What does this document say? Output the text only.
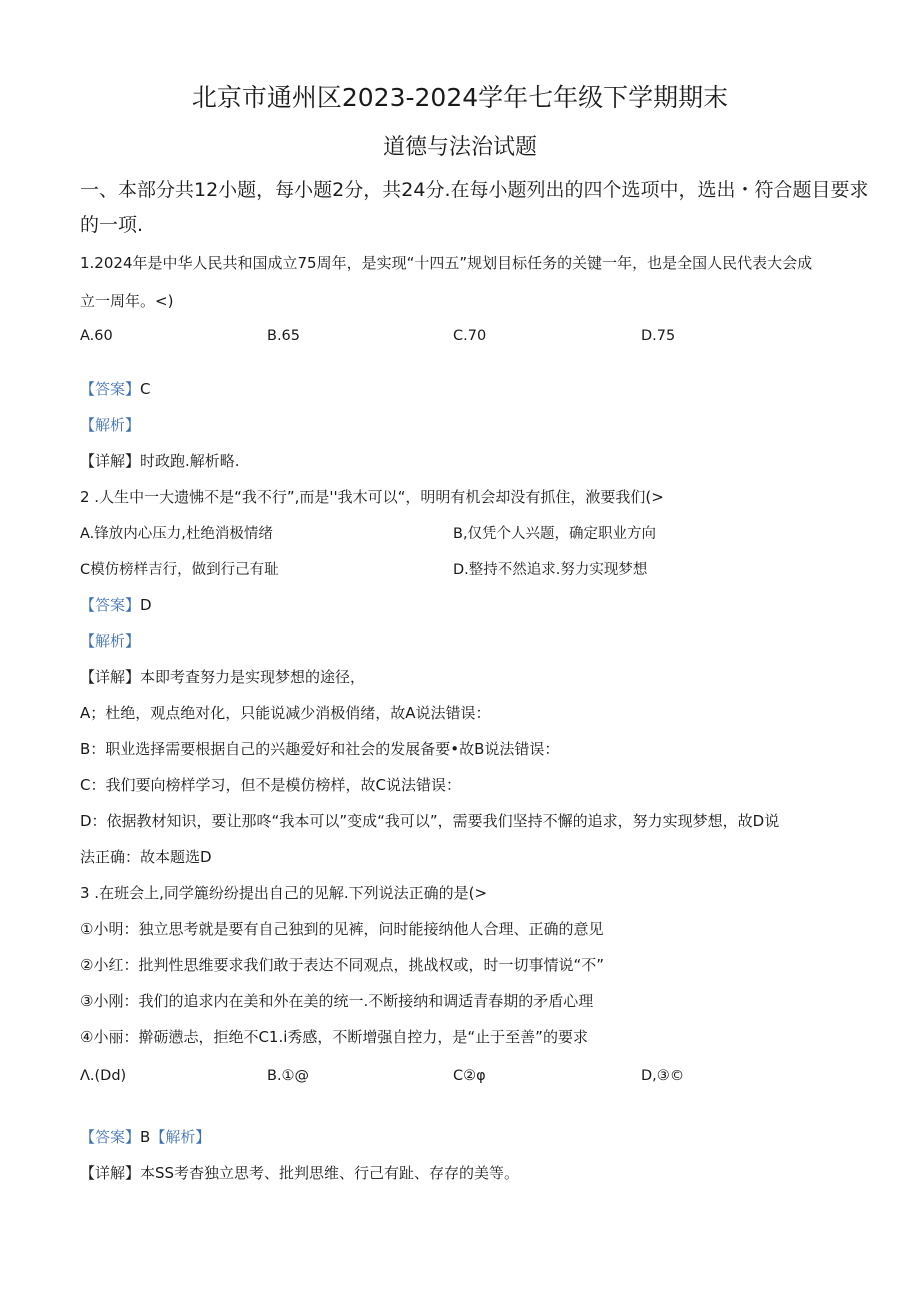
北京市通州区2023-2024学年七年级下学期期末
道德与法治试题
一、本部分共12小题，每小题2分，共24分.在每小题列出的四个选项中，选出・符合题目要求
的一项.
1.2024年是中华人民共和国成立75周年，是实现“十四五”规划目标任务的关键一年，也是全国人民代表大会成
立一周年。<)
A.60	B.65	C.70	D.75
【答案】C
【解析】
【详解】时政跑.解析略.
2 .人生中一大遗怫不是“我不行”,而是''我木可以“，明明有机会却没有抓住，浟要我们(>
A.锋放内心压力,杜绝消极情绪	B,仅凭个人兴题，确定职业方向
C模仿榜样吉行，做到行己有耻	D.整持不然追求.努力实现梦想
【答案】D
【解析】
【详解】本即考査努力是实现梦想的途径，
A；杜绝，观点绝对化，只能说减少消极俏绪，故A说法错误：
B：职业选择需要根据自己的兴趣爱好和社会的发展备要•故B说法错误：
C：我们要向榜样学习，但不是模仿榜样，故C说法错误：
D：依据教材知识，要让那咚“我本可以”变成“我可以”，需要我们坚持不懈的追求，努力实现梦想，故D说
法正确：故本题选D
3 .在班会上,同学簏纷纷提出自己的见解.下列说法正确的是(>
①小明：独立思考就是要有自己独到的见裤，问时能接纳他人合理、正确的意见
②小红：批判性思维要求我们敢于表达不同观点，挑战权或，时一切事情说“不”
③小刚：我们的追求内在美和外在美的统一.不断接纳和调适青春期的矛盾心理
④小丽：擀砺懑忐，拒绝不C1.i秀感，不断增强自控力，是“止于至善”的要求
Λ.(Dd)	B.①@	C②φ	D,③©
【答案】B【解析】
【详解】本SS考杳独立思考、批判思维、行己有趾、存存的美等。
